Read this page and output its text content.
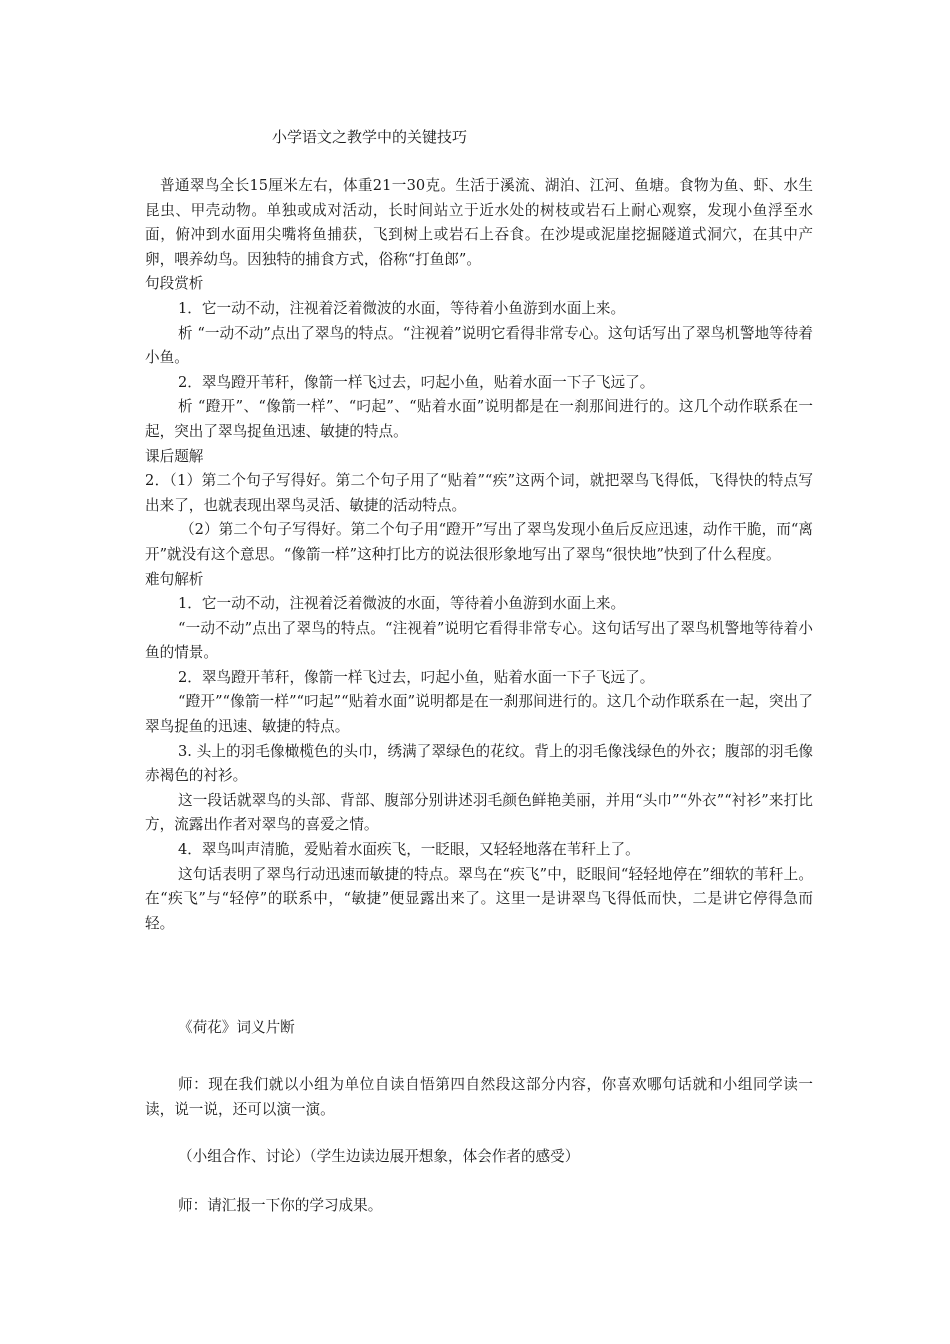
小学语文之教学中的关键技巧

普通翠鸟全长15厘米左右，体重21一30克。生活于溪流、湖泊、江河、鱼塘。食物为鱼、虾、水生昆虫、甲壳动物。单独或成对活动，长时间站立于近水处的树枝或岩石上耐心观察，发现小鱼浮至水面，俯冲到水面用尖嘴将鱼捕获，飞到树上或岩石上吞食。在沙堤或泥崖挖掘隧道式洞穴，在其中产卵，喂养幼鸟。因独特的捕食方式，俗称“打鱼郎”。

句段赏析

1．它一动不动，注视着泛着微波的水面，等待着小鱼游到水面上来。

析 “一动不动”点出了翠鸟的特点。“注视着”说明它看得非常专心。这句话写出了翠鸟机警地等待着小鱼。

2．翠鸟蹬开苇秆，像箭一样飞过去，叼起小鱼，贴着水面一下子飞远了。

析 “蹬开”、“像箭一样”、“叼起”、“贴着水面”说明都是在一刹那间进行的。这几个动作联系在一起，突出了翠鸟捉鱼迅速、敏捷的特点。

课后题解

2．（1）第二个句子写得好。第二个句子用了“贴着”“疾”这两个词，就把翠鸟飞得低，飞得快的特点写出来了，也就表现出翠鸟灵活、敏捷的活动特点。

（2）第二个句子写得好。第二个句子用“蹬开”写出了翠鸟发现小鱼后反应迅速，动作干脆，而“离开”就没有这个意思。“像箭一样”这种打比方的说法很形象地写出了翠鸟“很快地”快到了什么程度。

难句解析

1．它一动不动，注视着泛着微波的水面，等待着小鱼游到水面上来。

“一动不动”点出了翠鸟的特点。“注视着”说明它看得非常专心。这句话写出了翠鸟机警地等待着小鱼的情景。

2．翠鸟蹬开苇秆，像箭一样飞过去，叼起小鱼，贴着水面一下子飞远了。

“蹬开”“像箭一样”“叼起”“贴着水面”说明都是在一刹那间进行的。这几个动作联系在一起，突出了翠鸟捉鱼的迅速、敏捷的特点。

3. 头上的羽毛像橄榄色的头巾，绣满了翠绿色的花纹。背上的羽毛像浅绿色的外衣；腹部的羽毛像赤褐色的衬衫。

这一段话就翠鸟的头部、背部、腹部分别讲述羽毛颜色鲜艳美丽，并用“头巾”“外衣”“衬衫”来打比方，流露出作者对翠鸟的喜爱之情。

4．翠鸟叫声清脆，爱贴着水面疾飞，一眨眼，又轻轻地落在苇秆上了。

这句话表明了翠鸟行动迅速而敏捷的特点。翠鸟在“疾飞”中，眨眼间“轻轻地停在”细软的苇秆上。在“疾飞”与“轻停”的联系中，“敏捷”便显露出来了。这里一是讲翠鸟飞得低而快，二是讲它停得急而轻。

《荷花》词义片断

师：现在我们就以小组为单位自读自悟第四自然段这部分内容，你喜欢哪句话就和小组同学读一读，说一说，还可以演一演。

（小组合作、讨论）（学生边读边展开想象，体会作者的感受）

师：请汇报一下你的学习成果。
